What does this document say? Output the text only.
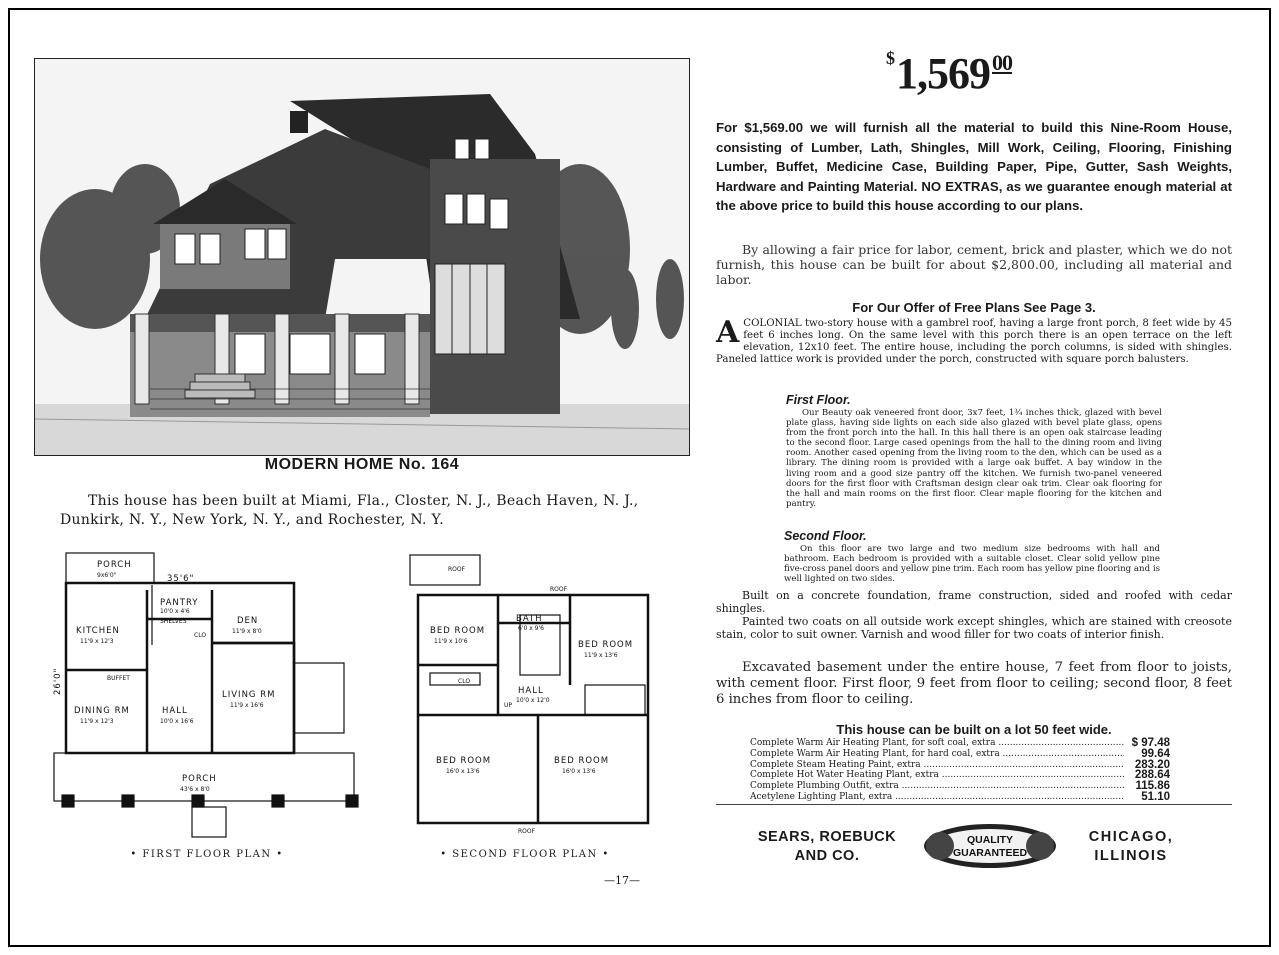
MODERN HOME No. 164
This house has been built at Miami, Fla., Closter, N. J., Beach Haven, N. J., Dunkirk, N. Y., New York, N. Y., and Rochester, N. Y.
PORCH
9x6'0"	35'6"
26'0"
KITCHEN
11'9 x 12'3
PANTRY
10'0 x 4'6
SHELVES	DEN
11'9 x 8'0
CLO
BUFFET
DINING RM
11'9 x 12'3
HALL
10'0 x 16'6
LIVING RM
11'9 x 16'6
PORCH
43'6 x 8'0
• FIRST FLOOR PLAN •
ROOF
ROOF
BED ROOM
11'9 x 10'6
BATH
6'0 x 9'6
BED ROOM
11'9 x 13'6
CLO
HALL
10'0 x 12'0
UP
BED ROOM
16'0 x 13'6
BED ROOM
16'0 x 13'6
ROOF
• SECOND FLOOR PLAN •
—17—
$1,569$^{00}$
For $1,569.00 we will furnish all the material to build this Nine-Room House, consisting of Lumber, Lath, Shingles, Mill Work, Ceiling, Flooring, Finishing Lumber, Buffet, Medicine Case, Building Paper, Pipe, Gutter, Sash Weights, Hardware and Painting Material. NO EXTRAS, as we guarantee enough material at the above price to build this house according to our plans.
By allowing a fair price for labor, cement, brick and plaster, which we do not furnish, this house can be built for about $2,800.00, including all material and labor.
For Our Offer of Free Plans See Page 3.
ACOLONIAL two-story house with a gambrel roof, having a large front porch, 8 feet wide by 45 feet 6 inches long. On the same level with this porch there is an open terrace on the left elevation, 12x10 feet. The entire house, including the porch columns, is sided with shingles. Paneled lattice work is provided under the porch, constructed with square porch balusters.
First Floor.
Our Beauty oak veneered front door, 3x7 feet, 1¾ inches thick, glazed with bevel plate glass, having side lights on each side also glazed with bevel plate glass, opens from the front porch into the hall. In this hall there is an open oak staircase leading to the second floor. Large cased openings from the hall to the dining room and living room. Another cased opening from the living room to the den, which can be used as a library. The dining room is provided with a large oak buffet. A bay window in the living room and a good size pantry off the kitchen. We furnish two-panel veneered doors for the first floor with Craftsman design clear oak trim. Clear oak flooring for the hall and main rooms on the first floor. Clear maple flooring for the kitchen and pantry.
Second Floor.
On this floor are two large and two medium size bedrooms with hall and bathroom. Each bedroom is provided with a suitable closet. Clear solid yellow pine five-cross panel doors and yellow pine trim. Each room has yellow pine flooring and is well lighted on two sides.
Built on a concrete foundation, frame construction, sided and roofed with cedar shingles.
Painted two coats on all outside work except shingles, which are stained with creosote stain, color to suit owner. Varnish and wood filler for two coats of interior finish.
Excavated basement under the entire house, 7 feet from floor to joists, with cement floor. First floor, 9 feet from floor to ceiling; second floor, 8 feet 6 inches from floor to ceiling.
This house can be built on a lot 50 feet wide.
Complete Warm Air Heating Plant, for soft coal, extra .....	$ 97.48
Complete Warm Air Heating Plant, for hard coal, extra .....	99.64
Complete Steam Heating Paint, extra .....	283.20
Complete Hot Water Heating Plant, extra .....	288.64
Complete Plumbing Outfit, extra .....	115.86
Acetylene Lighting Plant, extra .....	51.10
SEARS, ROEBUCK
AND CO.
QUALITY
GUARANTEED
CHICAGO,
ILLINOIS
